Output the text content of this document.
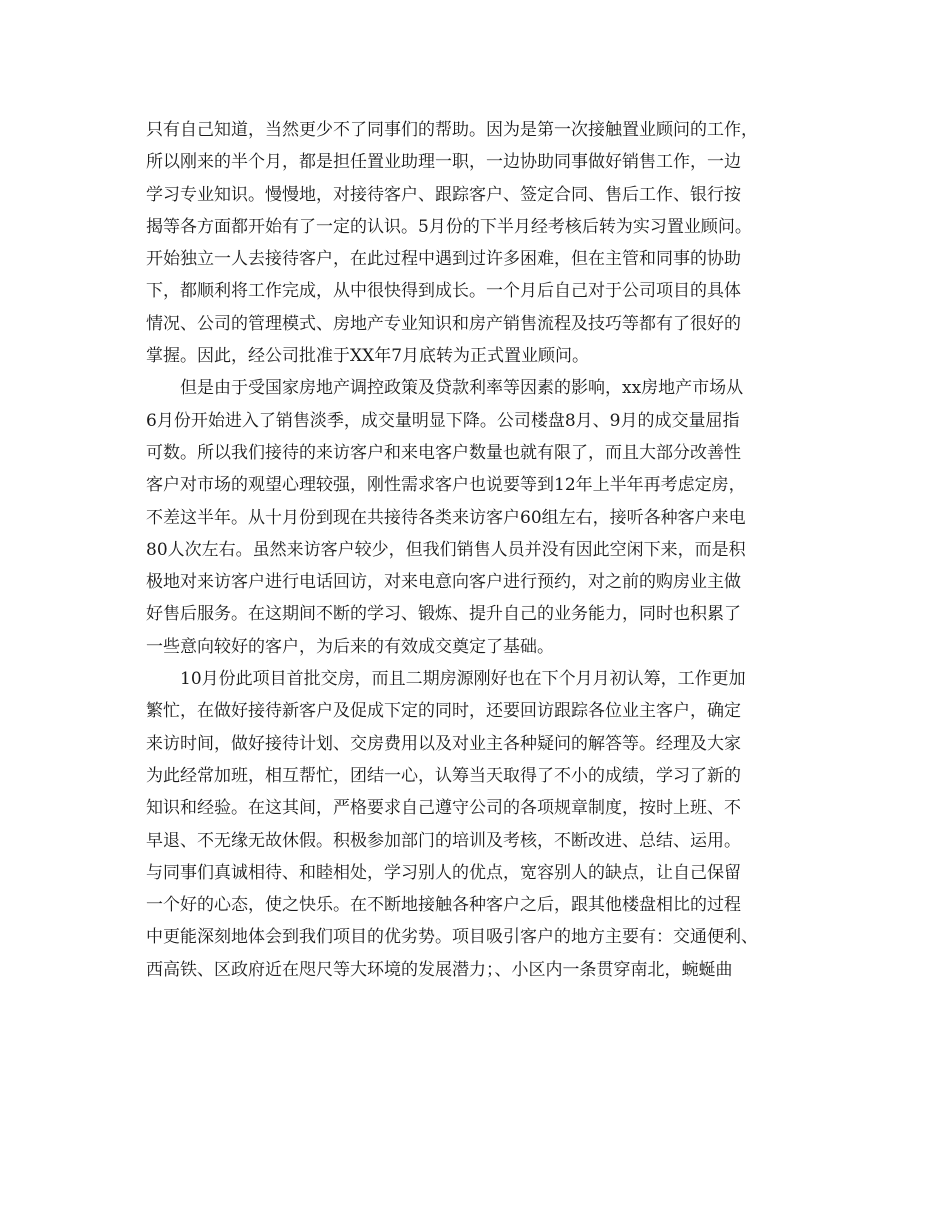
只有自己知道，当然更少不了同事们的帮助。因为是第一次接触置业顾问的工作，
所以刚来的半个月，都是担任置业助理一职，一边协助同事做好销售工作，一边
学习专业知识。慢慢地，对接待客户、跟踪客户、签定合同、售后工作、银行按
揭等各方面都开始有了一定的认识。5月份的下半月经考核后转为实习置业顾问。
开始独立一人去接待客户，在此过程中遇到过许多困难，但在主管和同事的协助
下，都顺利将工作完成，从中很快得到成长。一个月后自己对于公司项目的具体
情况、公司的管理模式、房地产专业知识和房产销售流程及技巧等都有了很好的
掌握。因此，经公司批准于XX年7月底转为正式置业顾问。
但是由于受国家房地产调控政策及贷款利率等因素的影响，xx房地产市场从
6月份开始进入了销售淡季，成交量明显下降。公司楼盘8月、9月的成交量屈指
可数。所以我们接待的来访客户和来电客户数量也就有限了，而且大部分改善性
客户对市场的观望心理较强，刚性需求客户也说要等到12年上半年再考虑定房，
不差这半年。从十月份到现在共接待各类来访客户60组左右，接听各种客户来电
80人次左右。虽然来访客户较少，但我们销售人员并没有因此空闲下来，而是积
极地对来访客户进行电话回访，对来电意向客户进行预约，对之前的购房业主做
好售后服务。在这期间不断的学习、锻炼、提升自己的业务能力，同时也积累了
一些意向较好的客户，为后来的有效成交奠定了基础。
10月份此项目首批交房，而且二期房源刚好也在下个月月初认筹，工作更加
繁忙，在做好接待新客户及促成下定的同时，还要回访跟踪各位业主客户，确定
来访时间，做好接待计划、交房费用以及对业主各种疑问的解答等。经理及大家
为此经常加班，相互帮忙，团结一心，认筹当天取得了不小的成绩，学习了新的
知识和经验。在这其间，严格要求自己遵守公司的各项规章制度，按时上班、不
早退、不无缘无故休假。积极参加部门的培训及考核，不断改进、总结、运用。
与同事们真诚相待、和睦相处，学习别人的优点，宽容别人的缺点，让自己保留
一个好的心态，使之快乐。在不断地接触各种客户之后，跟其他楼盘相比的过程
中更能深刻地体会到我们项目的优劣势。项目吸引客户的地方主要有：交通便利、
西高铁、区政府近在咫尺等大环境的发展潜力；、小区内一条贯穿南北，蜿蜒曲
